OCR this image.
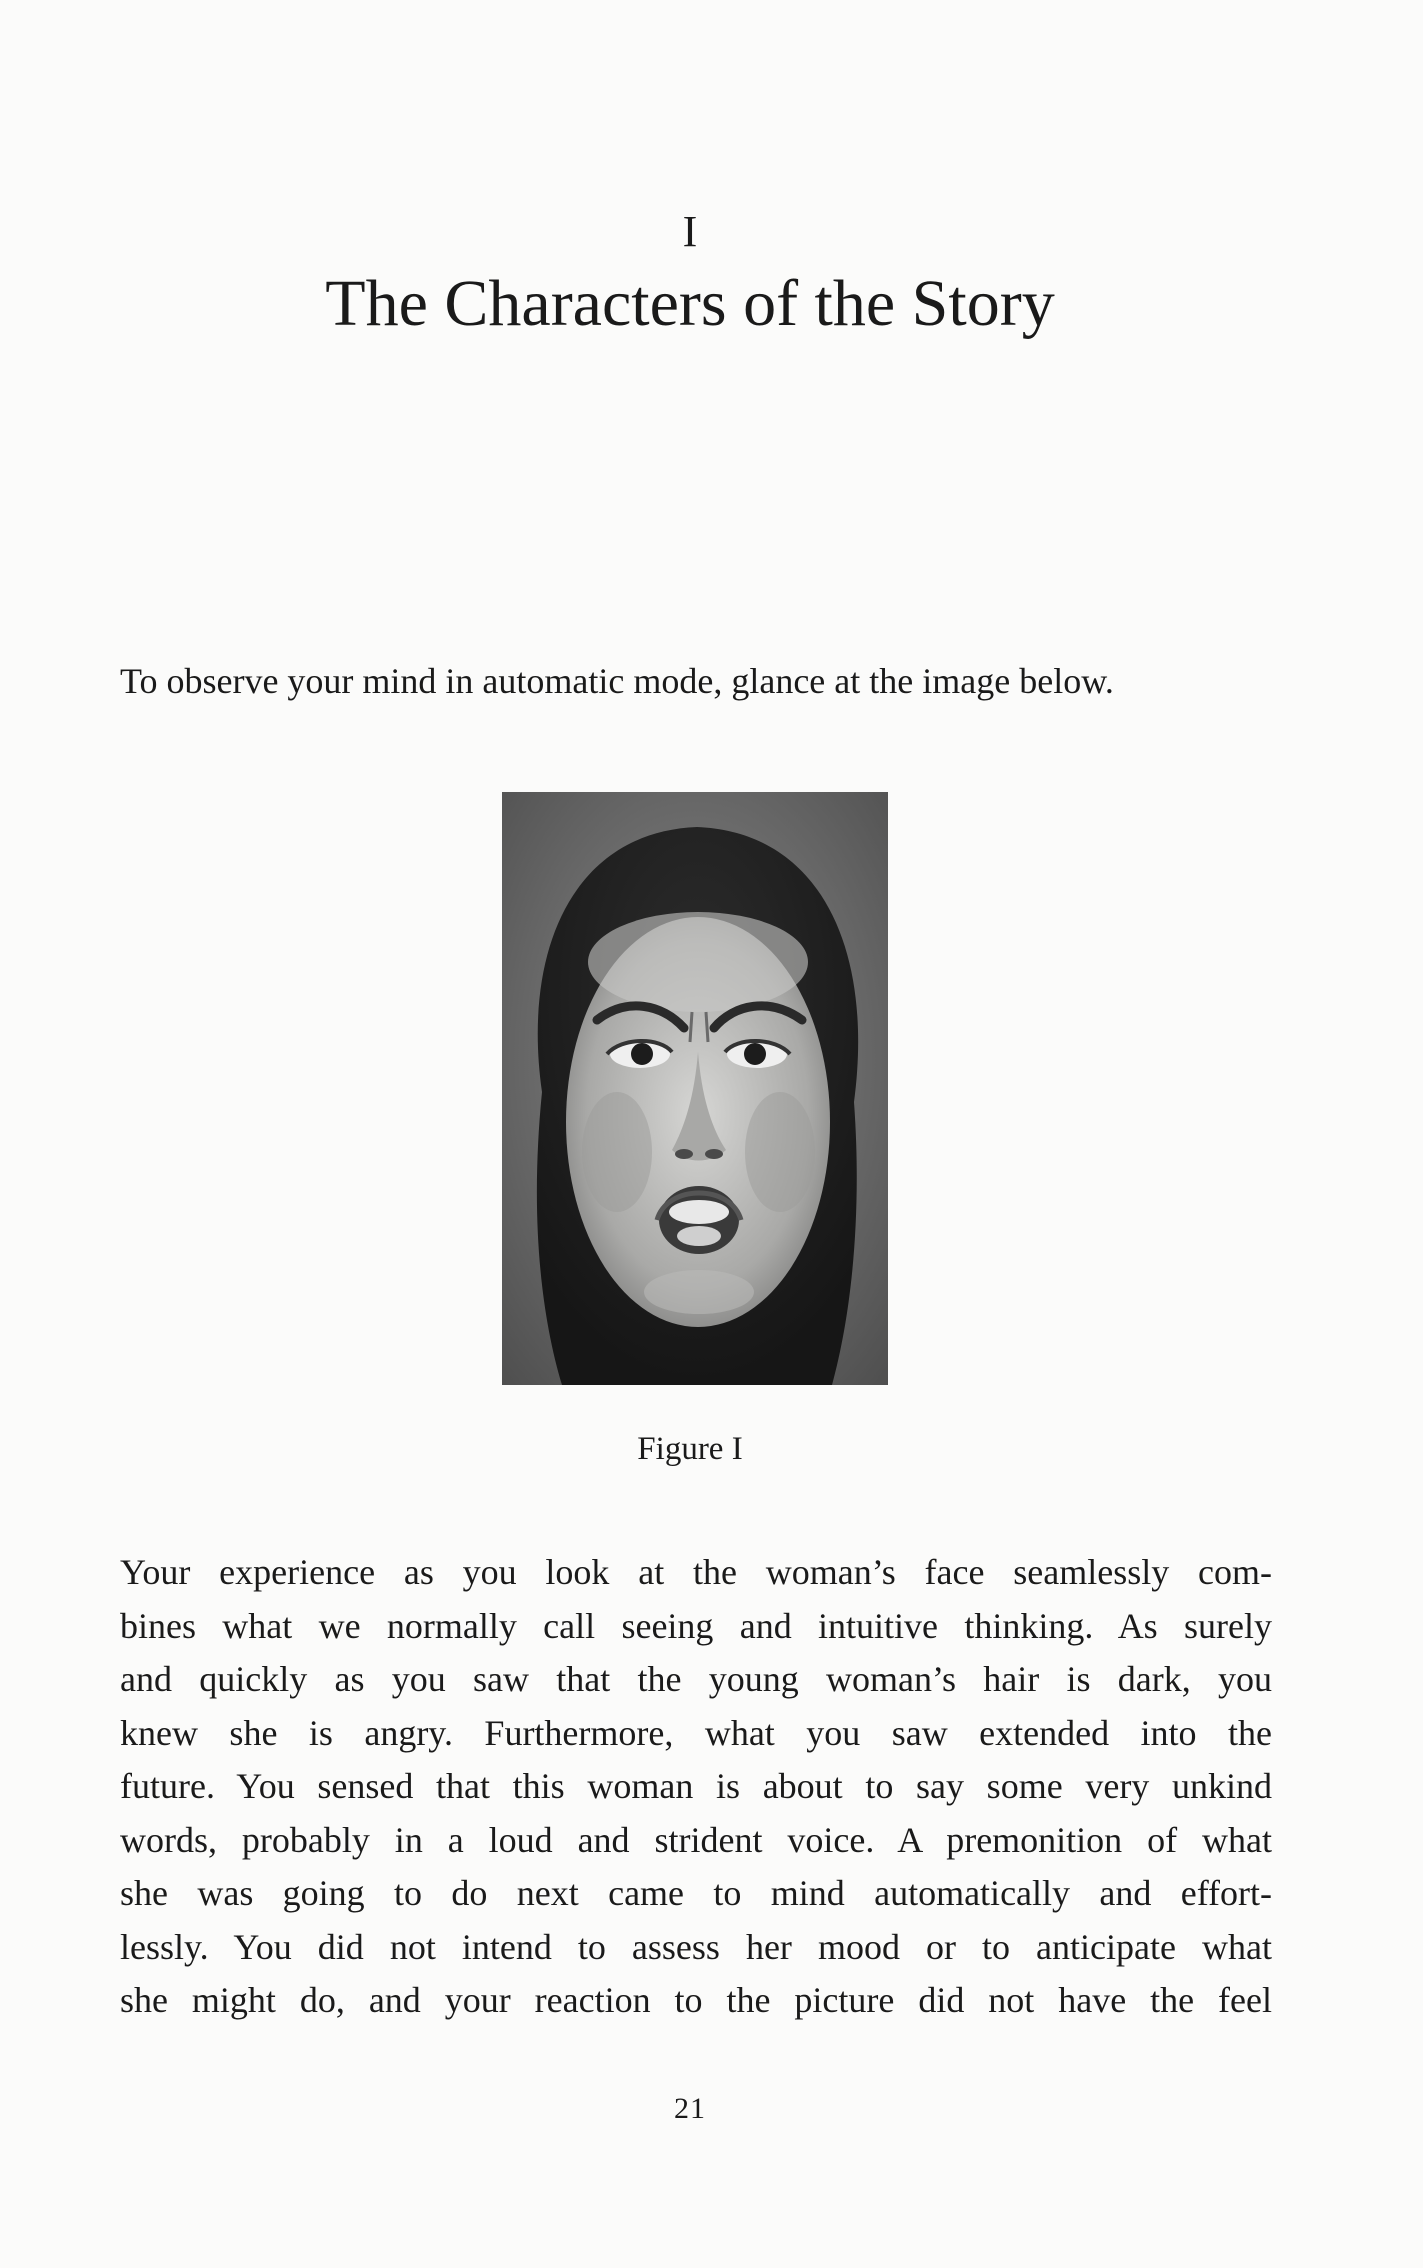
I
The Characters of the Story
To observe your mind in automatic mode, glance at the image below.
Figure I
Your experience as you look at the woman’s face seamlessly com-
bines what we normally call seeing and intuitive thinking. As surely
and quickly as you saw that the young woman’s hair is dark, you
knew she is angry. Furthermore, what you saw extended into the
future. You sensed that this woman is about to say some very unkind
words, probably in a loud and strident voice. A premonition of what
she was going to do next came to mind automatically and effort-
lessly. You did not intend to assess her mood or to anticipate what
she might do, and your reaction to the picture did not have the feel
21
